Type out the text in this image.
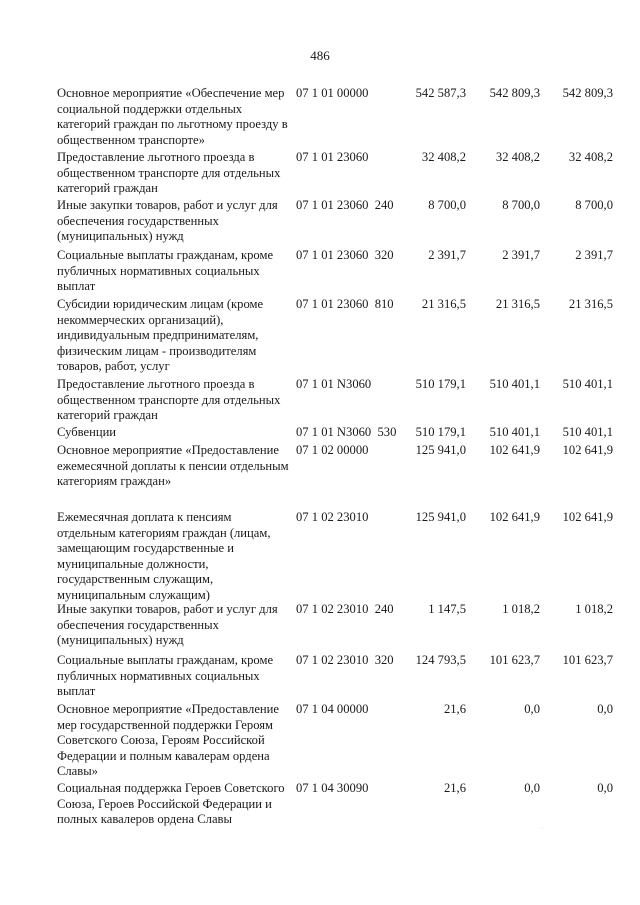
486
Основное мероприятие «Обеспечение мер социальной поддержки отдельных категорий граждан по льготному проезду в общественном транспорте»
07 1 01 00000	542 587,3	542 809,3	542 809,3
Предоставление льготного проезда в общественном транспорте для отдельных категорий граждан
07 1 01 23060	32 408,2	32 408,2	32 408,2
Иные закупки товаров, работ и услуг для обеспечения государственных (муниципальных) нужд
07 1 01 23060  240	8 700,0	8 700,0	8 700,0
Социальные выплаты гражданам, кроме публичных нормативных социальных выплат
07 1 01 23060  320	2 391,7	2 391,7	2 391,7
Субсидии юридическим лицам (кроме некоммерческих организаций), индивидуальным предпринимателям, физическим лицам - производителям товаров, работ, услуг
07 1 01 23060  810	21 316,5	21 316,5	21 316,5
Предоставление льготного проезда в общественном транспорте для отдельных категорий граждан
07 1 01 N3060	510 179,1	510 401,1	510 401,1
Субвенции	07 1 01 N3060  530	510 179,1	510 401,1	510 401,1
Основное мероприятие «Предоставление ежемесячной доплаты к пенсии отдельным категориям граждан»
07 1 02 00000	125 941,0	102 641,9	102 641,9
Ежемесячная доплата к пенсиям отдельным категориям граждан (лицам, замещающим государственные и муниципальные должности, государственным служащим, муниципальным служащим)
07 1 02 23010	125 941,0	102 641,9	102 641,9
Иные закупки товаров, работ и услуг для обеспечения государственных (муниципальных) нужд
07 1 02 23010  240	1 147,5	1 018,2	1 018,2
Социальные выплаты гражданам, кроме публичных нормативных социальных выплат
07 1 02 23010  320	124 793,5	101 623,7	101 623,7
Основное мероприятие «Предоставление мер государственной поддержки Героям Советского Союза, Героям Российской Федерации и полным кавалерам ордена Славы»
07 1 04 00000	21,6	0,0	0,0
Социальная поддержка Героев Советского Союза, Героев Российской Федерации и полных кавалеров ордена Славы
07 1 04 30090	21,6	0,0	0,0
· ·
